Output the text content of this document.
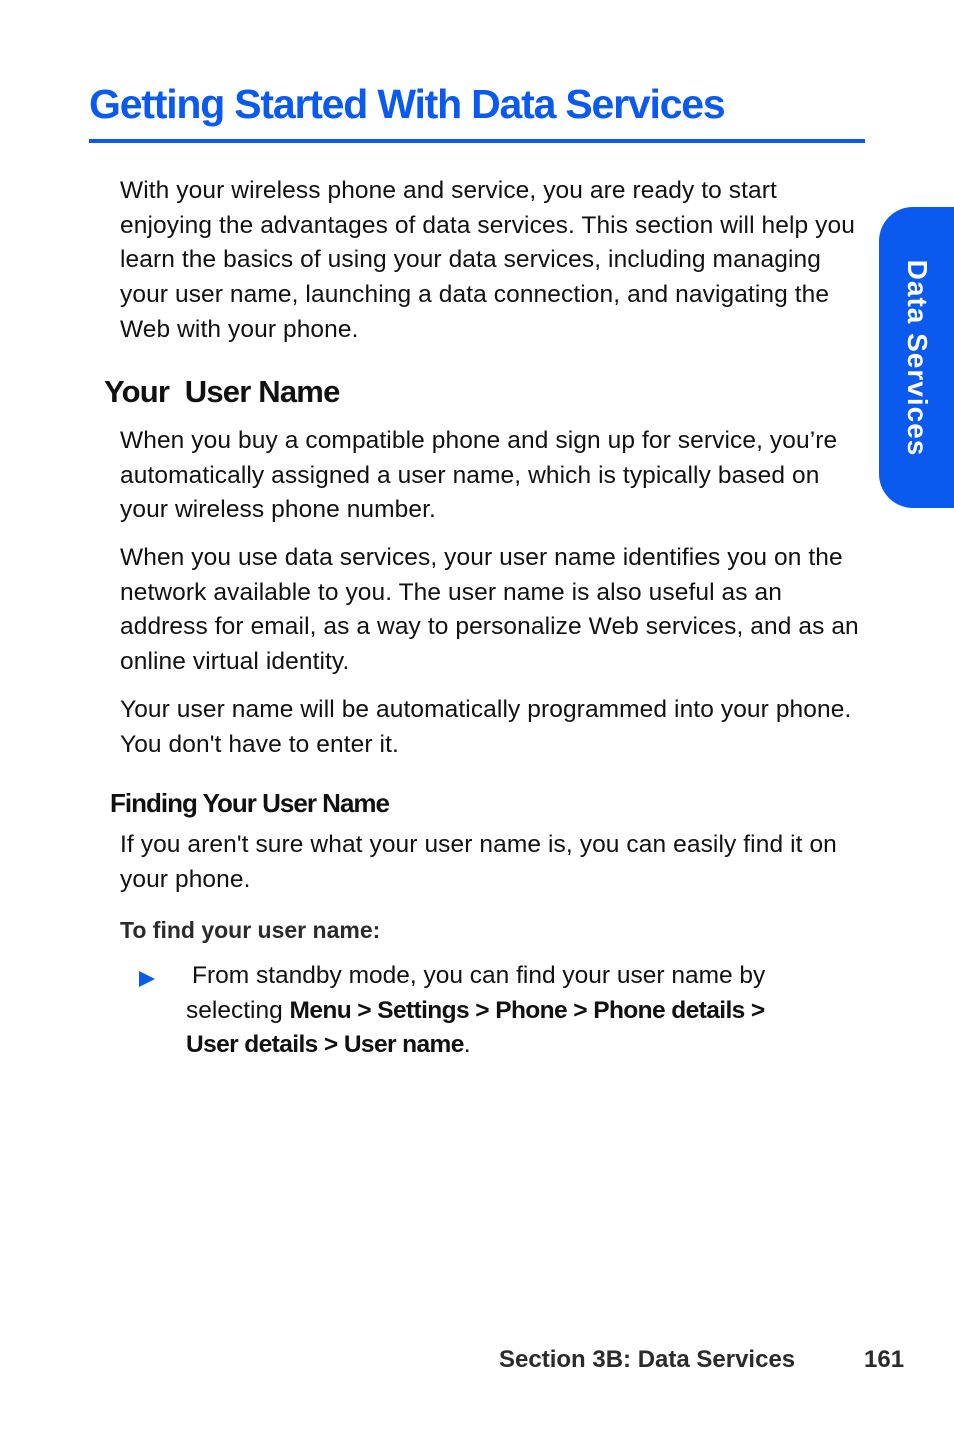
Getting Started With Data Services
Data Services

With your wireless phone and service, you are ready to start enjoying the advantages of data services. This section will help you learn the basics of using your data services, including managing your user name, launching a data connection, and navigating the Web with your phone.

Your  User Name

When you buy a compatible phone and sign up for service, you’re automatically assigned a user name, which is typically based on your wireless phone number.

When you use data services, your user name identifies you on the network available to you. The user name is also useful as an address for email, as a way to personalize Web services, and as an online virtual identity.

Your user name will be automatically programmed into your phone. You don't have to enter it.

Finding Your User Name

If you aren't sure what your user name is, you can easily find it on your phone.

To find your user name:

From standby mode, you can find your user name by selecting Menu > Settings > Phone > Phone details >
User details > User name.

Section 3B: Data Services	161
